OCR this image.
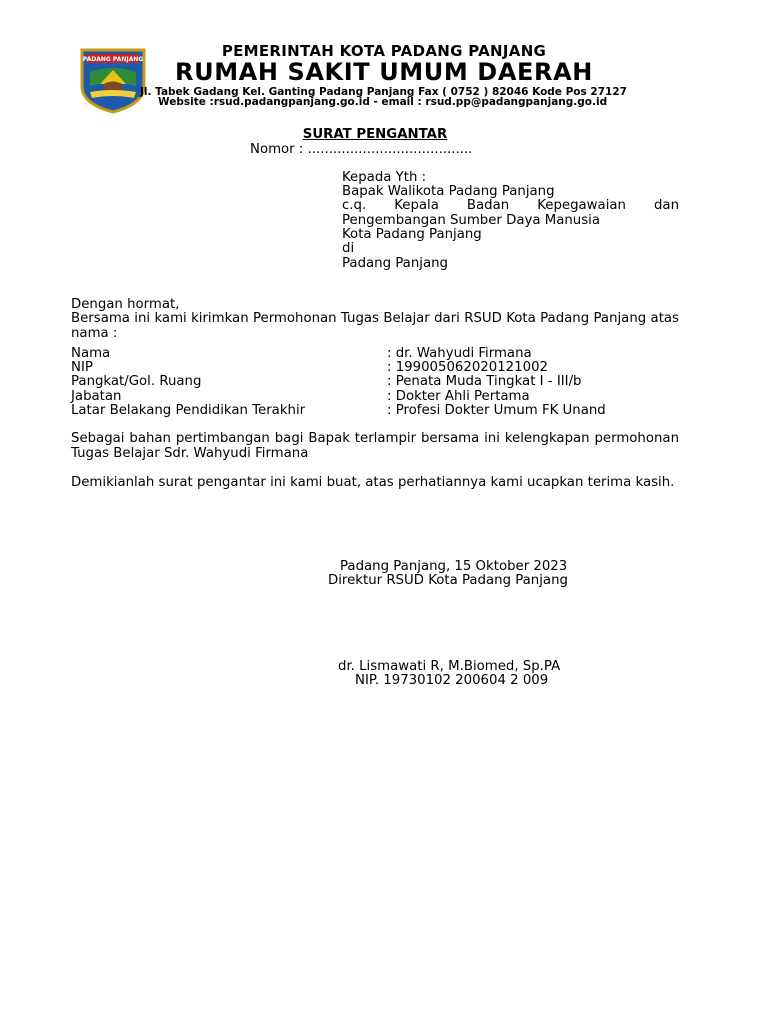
PADANG PANJANG	PEMERINTAH KOTA PADANG PANJANG
RUMAH SAKIT UMUM DAERAH
Jl. Tabek Gadang Kel. Ganting Padang Panjang Fax ( 0752 ) 82046 Kode Pos 27127
Website :rsud.padangpanjang.go.id - email : rsud.pp@padangpanjang.go.id
SURAT PENGANTAR
Nomor : .......................................
Kepada Yth :
Bapak Walikota Padang Panjang
c.q. Kepala Badan Kepegawaian dan Pengembangan Sumber Daya Manusia
Kota Padang Panjang
di
Padang Panjang
Dengan hormat,
Bersama ini kami kirimkan Permohonan Tugas Belajar dari RSUD Kota Padang Panjang atas nama :
Nama	: dr. Wahyudi Firmana
NIP	: 199005062020121002
Pangkat/Gol. Ruang	: Penata Muda Tingkat I - III/b
Jabatan	: Dokter Ahli Pertama
Latar Belakang Pendidikan Terakhir	: Profesi Dokter Umum FK Unand
Sebagai bahan pertimbangan bagi Bapak terlampir bersama ini kelengkapan permohonan Tugas Belajar Sdr. Wahyudi Firmana
Demikianlah surat pengantar ini kami buat, atas perhatiannya kami ucapkan terima kasih.
Padang Panjang, 15 Oktober 2023
Direktur RSUD Kota Padang Panjang
dr. Lismawati R, M.Biomed, Sp.PA
NIP. 19730102 200604 2 009
